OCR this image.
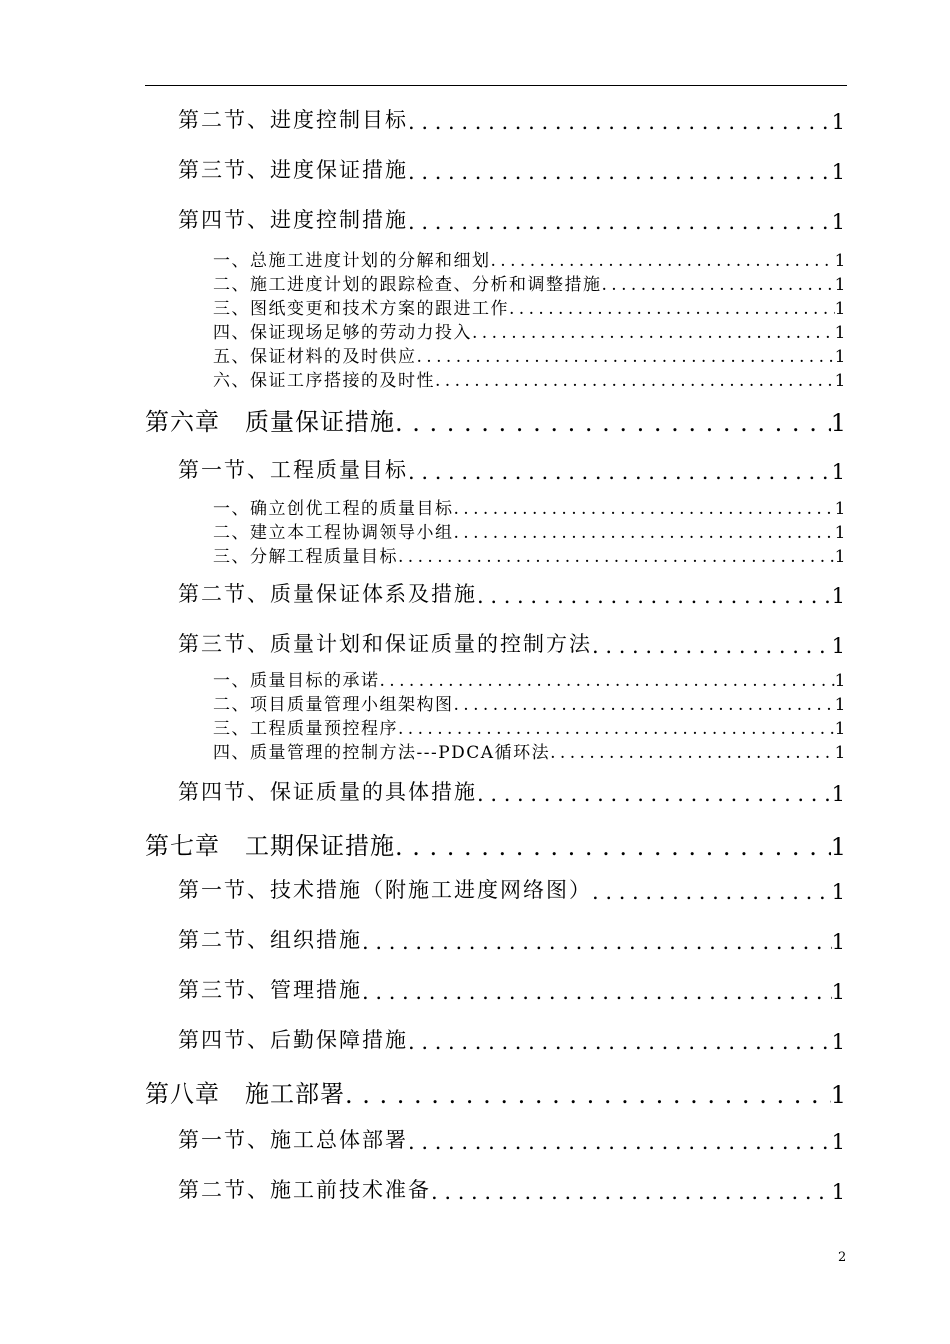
第二节、进度控制目标 . . .	1
第三节、进度保证措施 . . .	1
第四节、进度控制措施 . . .	1
一、总施工进度计划的分解和细划 . . .	1
二、施工进度计划的跟踪检查、分析和调整措施 . . .	1
三、图纸变更和技术方案的跟进工作 . . .	1
四、保证现场足够的劳动力投入 . . .	1
五、保证材料的及时供应 . . .	1
六、保证工序搭接的及时性 . . .	1
第六章　质量保证措施 . . .	1
第一节、工程质量目标 . . .	1
一、确立创优工程的质量目标 . . .	1
二、建立本工程协调领导小组 . . .	1
三、分解工程质量目标 . . .	1
第二节、质量保证体系及措施 . . .	1
第三节、质量计划和保证质量的控制方法 . . .	1
一、质量目标的承诺 . . .	1
二、项目质量管理小组架构图 . . .	1
三、工程质量预控程序 . . .	1
四、质量管理的控制方法---PDCA循环法 . . .	1
第四节、保证质量的具体措施 . . .	1
第七章　工期保证措施 . . .	1
第一节、技术措施（附施工进度网络图） . . .	1
第二节、组织措施 . . .	1
第三节、管理措施 . . .	1
第四节、后勤保障措施 . . .	1
第八章　施工部署 . . .	1
第一节、施工总体部署 . . .	1
第二节、施工前技术准备 . . .	1
2
